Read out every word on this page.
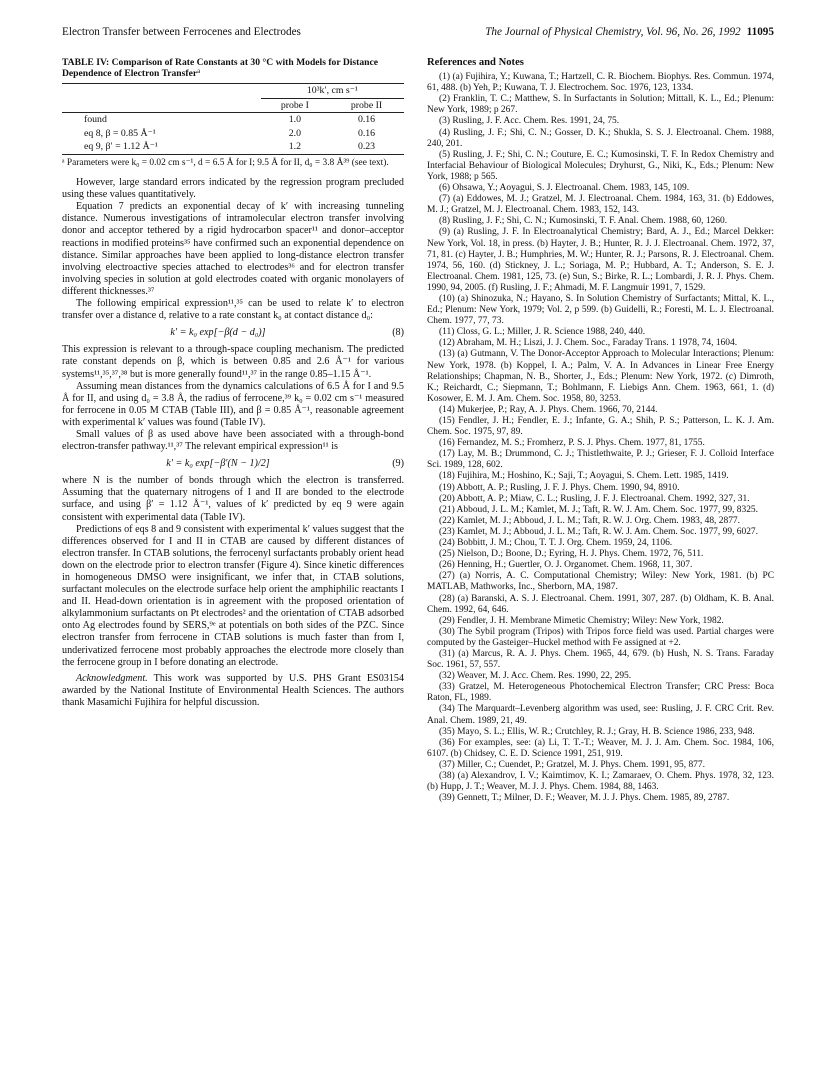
Electron Transfer between Ferrocenes and Electrodes	The Journal of Physical Chemistry, Vol. 96, No. 26, 1992 11095
TABLE IV: Comparison of Rate Constants at 30 °C with Models for Distance Dependence of Electron Transfer$^a$
	10³k′, cm s⁻¹	
	probe I	probe II
found	1.0	0.16
eq 8, β = 0.85 Å⁻¹	2.0	0.16
eq 9, β′ = 1.12 Å⁻¹	1.2	0.23
ᵃ Parameters were k₀ = 0.02 cm s⁻¹, d = 6.5 Å for I; 9.5 Å for II, d₀ = 3.8 Å³⁹ (see text).

However, large standard errors indicated by the regression program precluded using these values quantitatively.

Equation 7 predicts an exponential decay of k′ with increasing tunneling distance. Numerous investigations of intramolecular electron transfer involving donor and acceptor tethered by a rigid hydrocarbon spacer¹¹ and donor–acceptor reactions in modified proteins³⁵ have confirmed such an exponential dependence on distance. Similar approaches have been applied to long-distance electron transfer involving electroactive species attached to electrodes³⁶ and for electron transfer involving species in solution at gold electrodes coated with organic monolayers of different thicknesses.³⁷

The following empirical expression¹¹,³⁵ can be used to relate k′ to electron transfer over a distance d, relative to a rate constant k₀ at contact distance d₀:

k′ = k₀ exp[−β(d − d₀)]	(8)

This expression is relevant to a through-space coupling mechanism. The predicted rate constant depends on β, which is between 0.85 and 2.6 Å⁻¹ for various systems¹¹,³⁵,³⁷,³⁸ but is more generally found¹¹,³⁷ in the range 0.85–1.15 Å⁻¹.

Assuming mean distances from the dynamics calculations of 6.5 Å for I and 9.5 Å for II, and using d₀ = 3.8 Å, the radius of ferrocene,³⁹ k₀ = 0.02 cm s⁻¹ measured for ferrocene in 0.05 M CTAB (Table III), and β = 0.85 Å⁻¹, reasonable agreement with experimental k′ values was found (Table IV).

Small values of β as used above have been associated with a through-bond electron-transfer pathway.¹¹,³⁷ The relevant empirical expression¹¹ is

k′ = k₀ exp[−β′(N − 1)/2]	(9)

where N is the number of bonds through which the electron is transferred. Assuming that the quaternary nitrogens of I and II are bonded to the electrode surface, and using β′ = 1.12 Å⁻¹, values of k′ predicted by eq 9 were again consistent with experimental data (Table IV).

Predictions of eqs 8 and 9 consistent with experimental k′ values suggest that the differences observed for I and II in CTAB are caused by different distances of electron transfer. In CTAB solutions, the ferrocenyl surfactants probably orient head down on the electrode prior to electron transfer (Figure 4). Since kinetic differences in homogeneous DMSO were insignificant, we infer that, in CTAB solutions, surfactant molecules on the electrode surface help orient the amphiphilic reactants I and II. Head-down orientation is in agreement with the proposed orientation of alkylammonium surfactants on Pt electrodes² and the orientation of CTAB adsorbed onto Ag electrodes found by SERS,⁹ᵉ at potentials on both sides of the PZC. Since electron transfer from ferrocene in CTAB solutions is much faster than from I, underivatized ferrocene most probably approaches the electrode more closely than the ferrocene group in I before donating an electrode.

Acknowledgment. This work was supported by U.S. PHS Grant ES03154 awarded by the National Institute of Environmental Health Sciences. The authors thank Masamichi Fujihira for helpful discussion.

References and Notes

(1) (a) Fujihira, Y.; Kuwana, T.; Hartzell, C. R. Biochem. Biophys. Res. Commun. 1974, 61, 488. (b) Yeh, P.; Kuwana, T. J. Electrochem. Soc. 1976, 123, 1334.

(2) Franklin, T. C.; Matthew, S. In Surfactants in Solution; Mittall, K. L., Ed.; Plenum: New York, 1989; p 267.

(3) Rusling, J. F. Acc. Chem. Res. 1991, 24, 75.

(4) Rusling, J. F.; Shi, C. N.; Gosser, D. K.; Shukla, S. S. J. Electroanal. Chem. 1988, 240, 201.

(5) Rusling, J. F.; Shi, C. N.; Couture, E. C.; Kumosinski, T. F. In Redox Chemistry and Interfacial Behaviour of Biological Molecules; Dryhurst, G., Niki, K., Eds.; Plenum: New York, 1988; p 565.

(6) Ohsawa, Y.; Aoyagui, S. J. Electroanal. Chem. 1983, 145, 109.

(7) (a) Eddowes, M. J.; Gratzel, M. J. Electroanal. Chem. 1984, 163, 31. (b) Eddowes, M. J.; Gratzel, M. J. Electroanal. Chem. 1983, 152, 143.

(8) Rusling, J. F.; Shi, C. N.; Kumosinski, T. F. Anal. Chem. 1988, 60, 1260.

(9) (a) Rusling, J. F. In Electroanalytical Chemistry; Bard, A. J., Ed.; Marcel Dekker: New York, Vol. 18, in press. (b) Hayter, J. B.; Hunter, R. J. J. Electroanal. Chem. 1972, 37, 71, 81. (c) Hayter, J. B.; Humphries, M. W.; Hunter, R. J.; Parsons, R. J. Electroanal. Chem. 1974, 56, 160. (d) Stickney, J. L.; Soriaga, M. P.; Hubbard, A. T.; Anderson, S. E. J. Electroanal. Chem. 1981, 125, 73. (e) Sun, S.; Birke, R. L.; Lombardi, J. R. J. Phys. Chem. 1990, 94, 2005. (f) Rusling, J. F.; Ahmadi, M. F. Langmuir 1991, 7, 1529.

(10) (a) Shinozuka, N.; Hayano, S. In Solution Chemistry of Surfactants; Mittal, K. L., Ed.; Plenum: New York, 1979; Vol. 2, p 599. (b) Guidelli, R.; Foresti, M. L. J. Electroanal. Chem. 1977, 77, 73.

(11) Closs, G. L.; Miller, J. R. Science 1988, 240, 440.

(12) Abraham, M. H.; Liszi, J. J. Chem. Soc., Faraday Trans. 1 1978, 74, 1604.

(13) (a) Gutmann, V. The Donor-Acceptor Approach to Molecular Interactions; Plenum: New York, 1978. (b) Koppel, I. A.; Palm, V. A. In Advances in Linear Free Energy Relationships; Chapman, N. B., Shorter, J., Eds.; Plenum: New York, 1972. (c) Dimroth, K.; Reichardt, C.; Siepmann, T.; Bohlmann, F. Liebigs Ann. Chem. 1963, 661, 1. (d) Kosower, E. M. J. Am. Chem. Soc. 1958, 80, 3253.

(14) Mukerjee, P.; Ray, A. J. Phys. Chem. 1966, 70, 2144.

(15) Fendler, J. H.; Fendler, E. J.; Infante, G. A.; Shih, P. S.; Patterson, L. K. J. Am. Chem. Soc. 1975, 97, 89.

(16) Fernandez, M. S.; Fromherz, P. S. J. Phys. Chem. 1977, 81, 1755.

(17) Lay, M. B.; Drummond, C. J.; Thistlethwaite, P. J.; Grieser, F. J. Colloid Interface Sci. 1989, 128, 602.

(18) Fujihira, M.; Hoshino, K.; Saji, T.; Aoyagui, S. Chem. Lett. 1985, 1419.

(19) Abbott, A. P.; Rusling, J. F. J. Phys. Chem. 1990, 94, 8910.

(20) Abbott, A. P.; Miaw, C. L.; Rusling, J. F. J. Electroanal. Chem. 1992, 327, 31.

(21) Abboud, J. L. M.; Kamlet, M. J.; Taft, R. W. J. Am. Chem. Soc. 1977, 99, 8325.

(22) Kamlet, M. J.; Abboud, J. L. M.; Taft, R. W. J. Org. Chem. 1983, 48, 2877.

(23) Kamlet, M. J.; Abboud, J. L. M.; Taft, R. W. J. Am. Chem. Soc. 1977, 99, 6027.

(24) Bobbitt, J. M.; Chou, T. T. J. Org. Chem. 1959, 24, 1106.

(25) Nielson, D.; Boone, D.; Eyring, H. J. Phys. Chem. 1972, 76, 511.

(26) Henning, H.; Guertler, O. J. Organomet. Chem. 1968, 11, 307.

(27) (a) Norris, A. C. Computational Chemistry; Wiley: New York, 1981. (b) PC MATLAB, Mathworks, Inc., Sherborn, MA, 1987.

(28) (a) Baranski, A. S. J. Electroanal. Chem. 1991, 307, 287. (b) Oldham, K. B. Anal. Chem. 1992, 64, 646.

(29) Fendler, J. H. Membrane Mimetic Chemistry; Wiley: New York, 1982.

(30) The Sybil program (Tripos) with Tripos force field was used. Partial charges were computed by the Gasteiger–Huckel method with Fe assigned at +2.

(31) (a) Marcus, R. A. J. Phys. Chem. 1965, 44, 679. (b) Hush, N. S. Trans. Faraday Soc. 1961, 57, 557.

(32) Weaver, M. J. Acc. Chem. Res. 1990, 22, 295.

(33) Gratzel, M. Heterogeneous Photochemical Electron Transfer; CRC Press: Boca Raton, FL, 1989.

(34) The Marquardt–Levenberg algorithm was used, see: Rusling, J. F. CRC Crit. Rev. Anal. Chem. 1989, 21, 49.

(35) Mayo, S. L.; Ellis, W. R.; Crutchley, R. J.; Gray, H. B. Science 1986, 233, 948.

(36) For examples, see: (a) Li, T. T.-T.; Weaver, M. J. J. Am. Chem. Soc. 1984, 106, 6107. (b) Chidsey, C. E. D. Science 1991, 251, 919.

(37) Miller, C.; Cuendet, P.; Gratzel, M. J. Phys. Chem. 1991, 95, 877.

(38) (a) Alexandrov, I. V.; Kaimtimov, K. I.; Zamaraev, O. Chem. Phys. 1978, 32, 123. (b) Hupp, J. T.; Weaver, M. J. J. Phys. Chem. 1984, 88, 1463.

(39) Gennett, T.; Milner, D. F.; Weaver, M. J. J. Phys. Chem. 1985, 89, 2787.
